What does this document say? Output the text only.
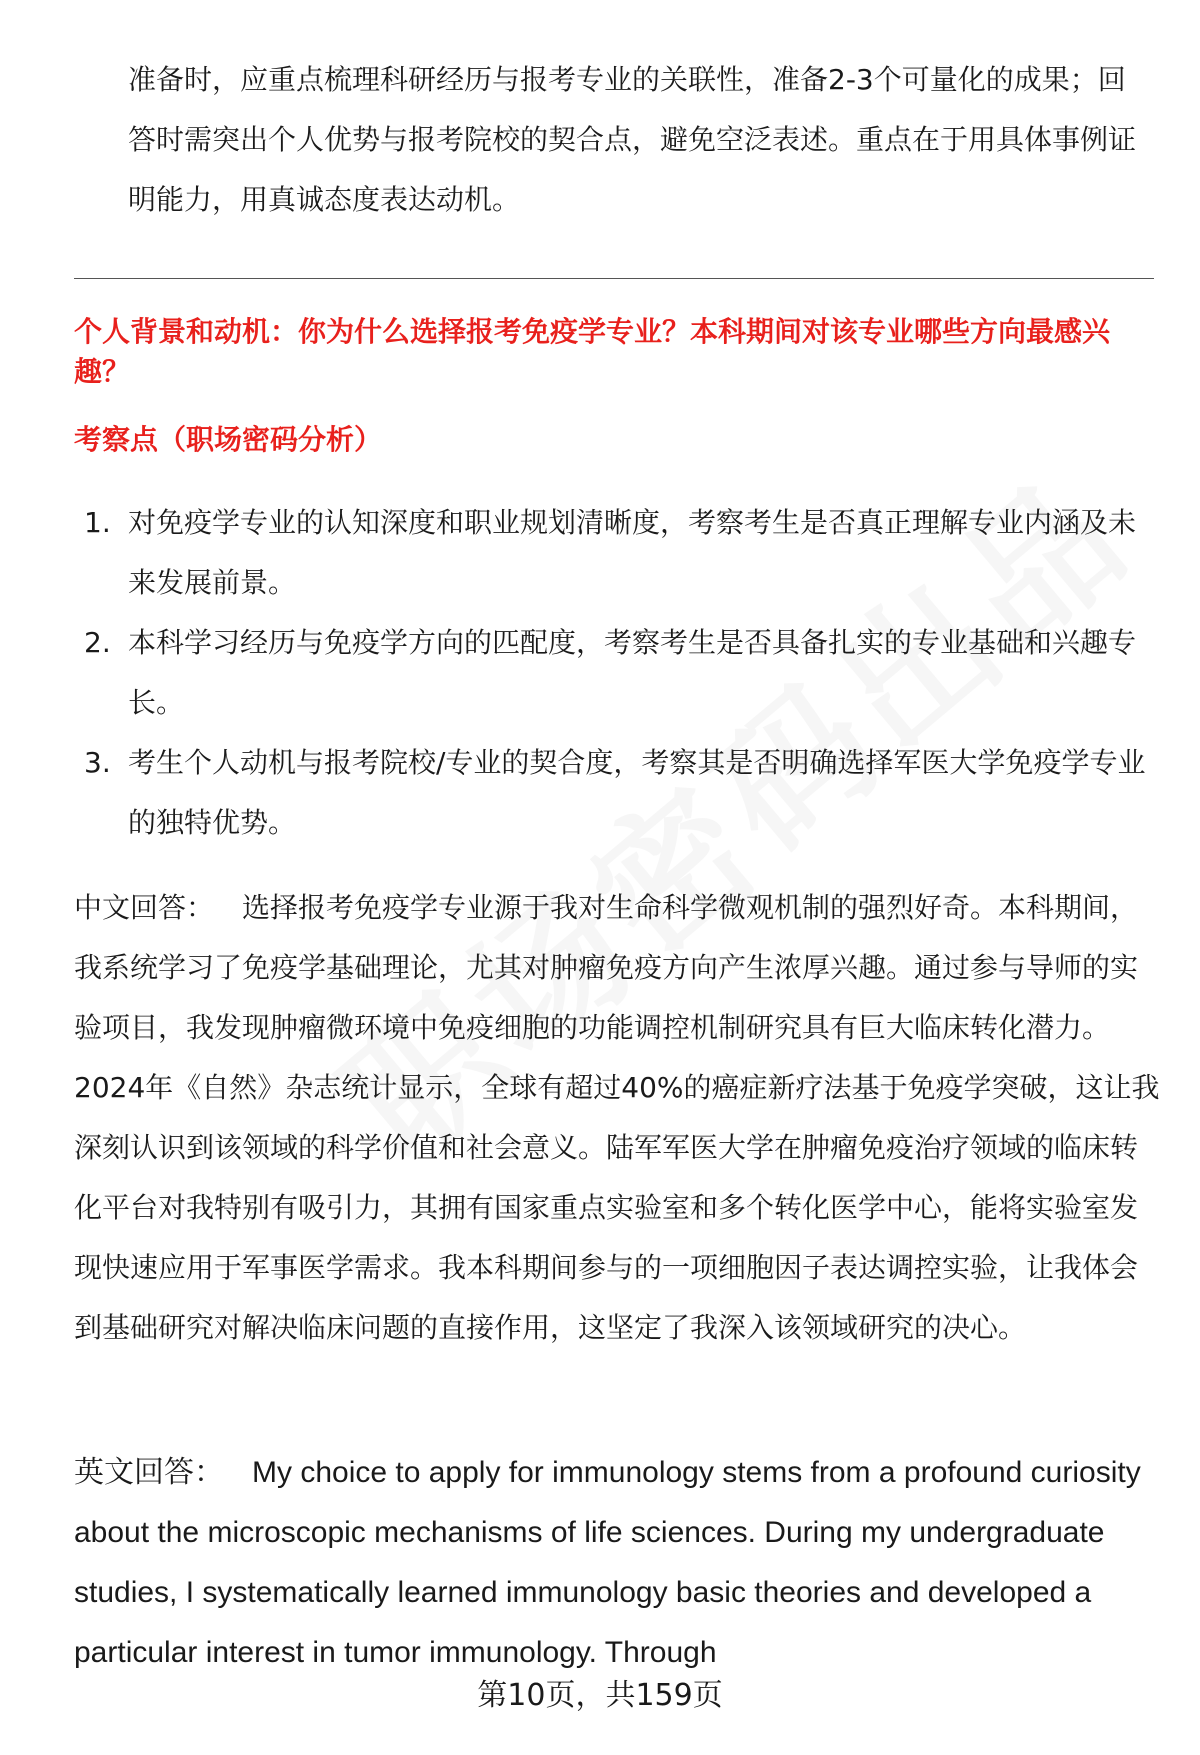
准备时，应重点梳理科研经历与报考专业的关联性，准备2-3个可量化的成果；回答时需突出个人优势与报考院校的契合点，避免空泛表述。重点在于用具体事例证明能力，用真诚态度表达动机。

个人背景和动机：你为什么选择报考免疫学专业？本科期间对该专业哪些方向最感兴趣？
考察点（职场密码分析）
1. 对免疫学专业的认知深度和职业规划清晰度，考察考生是否真正理解专业内涵及未来发展前景。
2. 本科学习经历与免疫学方向的匹配度，考察考生是否具备扎实的专业基础和兴趣专长。
3. 考生个人动机与报考院校/专业的契合度，考察其是否明确选择军医大学免疫学专业的独特优势。

中文回答： 选择报考免疫学专业源于我对生命科学微观机制的强烈好奇。本科期间，我系统学习了免疫学基础理论，尤其对肿瘤免疫方向产生浓厚兴趣。通过参与导师的实验项目，我发现肿瘤微环境中免疫细胞的功能调控机制研究具有巨大临床转化潜力。2024年《自然》杂志统计显示，全球有超过40%的癌症新疗法基于免疫学突破，这让我深刻认识到该领域的科学价值和社会意义。陆军军医大学在肿瘤免疫治疗领域的临床转化平台对我特别有吸引力，其拥有国家重点实验室和多个转化医学中心，能将实验室发现快速应用于军事医学需求。我本科期间参与的一项细胞因子表达调控实验，让我体会到基础研究对解决临床问题的直接作用，这坚定了我深入该领域研究的决心。

英文回答： My choice to apply for immunology stems from a profound curiosity about the microscopic mechanisms of life sciences. During my undergraduate studies, I systematically learned immunology basic theories and developed a particular interest in tumor immunology. Through

第10页，共159页
